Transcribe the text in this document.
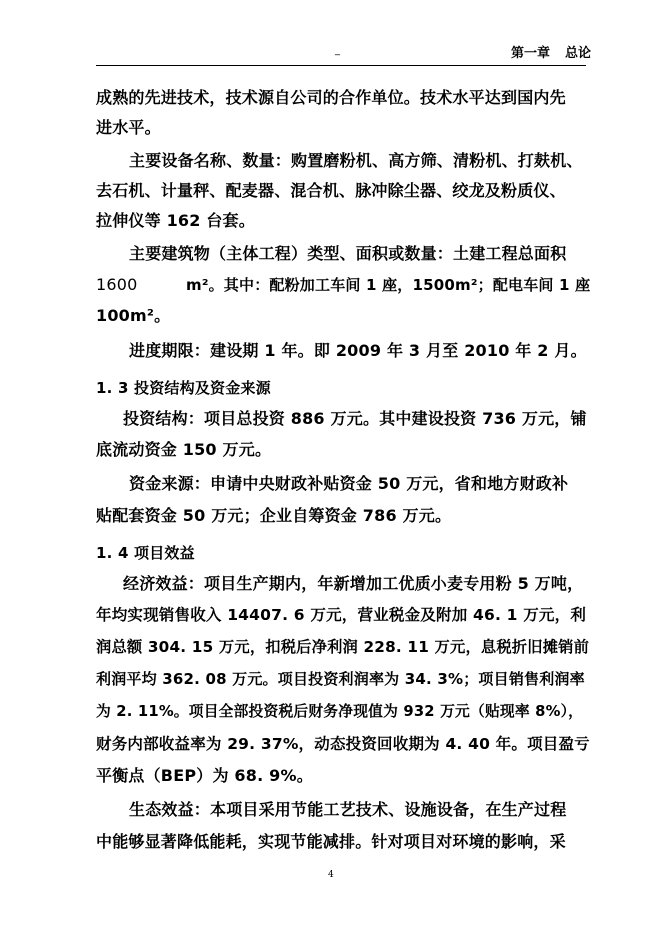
_	第一章 总论
成熟的先进技术，技术源自公司的合作单位。技术水平达到国内先
进水平。
主要设备名称、数量：购置磨粉机、高方筛、清粉机、打麸机、
去石机、计量秤、配麦器、混合机、脉冲除尘器、绞龙及粉质仪、
拉伸仪等 162 台套。
主要建筑物（主体工程）类型、面积或数量：土建工程总面积
1600	m²。其中：配粉加工车间 1 座，1500m²；配电车间 1 座
100m²。
进度期限：建设期 1 年。即 2009 年 3 月至 2010 年 2 月。
1. 3 投资结构及资金来源
投资结构：项目总投资 886 万元。其中建设投资 736 万元，铺
底流动资金 150 万元。
资金来源：申请中央财政补贴资金 50 万元，省和地方财政补
贴配套资金 50 万元；企业自筹资金 786 万元。
1. 4 项目效益
经济效益：项目生产期内，年新增加工优质小麦专用粉 5 万吨，
年均实现销售收入 14407. 6 万元，营业税金及附加 46. 1 万元，利
润总额 304. 15 万元，扣税后净利润 228. 11 万元，息税折旧摊销前
利润平均 362. 08 万元。项目投资利润率为 34. 3%；项目销售利润率
为 2. 11%。项目全部投资税后财务净现值为 932 万元（贴现率 8%），
财务内部收益率为 29. 37%，动态投资回收期为 4. 40 年。项目盈亏
平衡点（BEP）为 68. 9%。
生态效益：本项目采用节能工艺技术、设施设备，在生产过程
中能够显著降低能耗，实现节能减排。针对项目对环境的影响，采
4
